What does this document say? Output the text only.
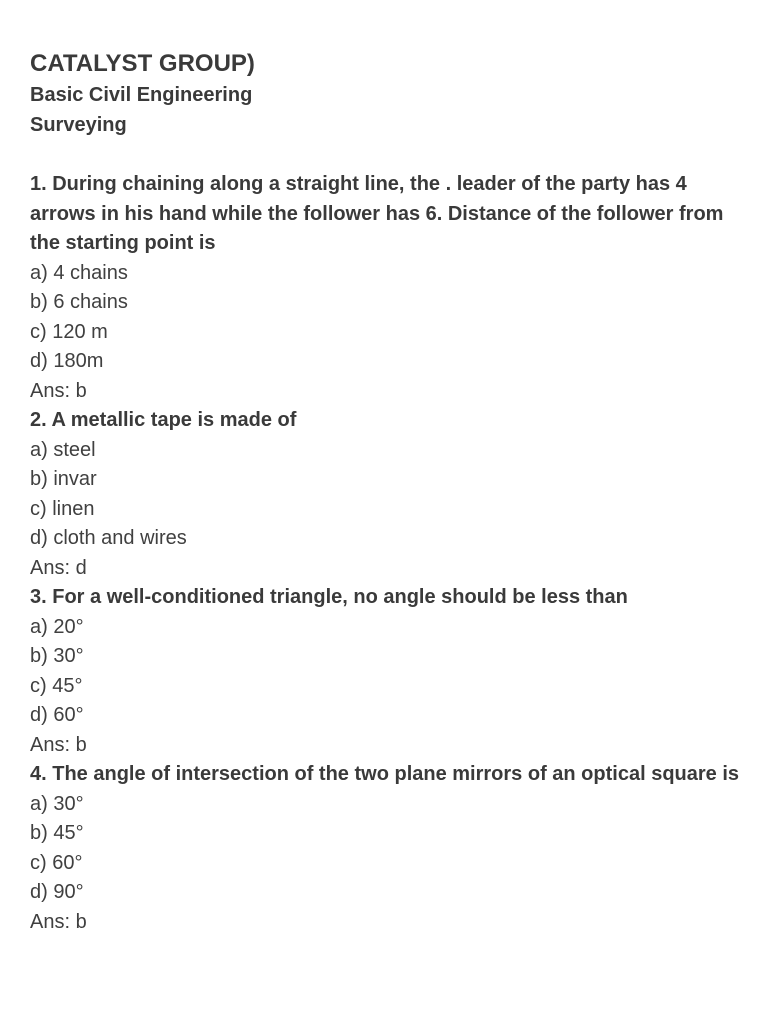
CATALYST GROUP)

Basic Civil Engineering

Surveying

1. During chaining along a straight line, the . leader of the party has 4 arrows in his hand while the follower has 6. Distance of the follower from the starting point is

a) 4 chains

b) 6 chains

c) 120 m

d) 180m

Ans: b

2. A metallic tape is made of

a) steel

b) invar

c) linen

d) cloth and wires

Ans: d

3. For a well-conditioned triangle, no angle should be less than

a) 20°

b) 30°

c) 45°

d) 60°

Ans: b

4. The angle of intersection of the two plane mirrors of an optical square is

a) 30°

b) 45°

c) 60°

d) 90°

Ans: b
